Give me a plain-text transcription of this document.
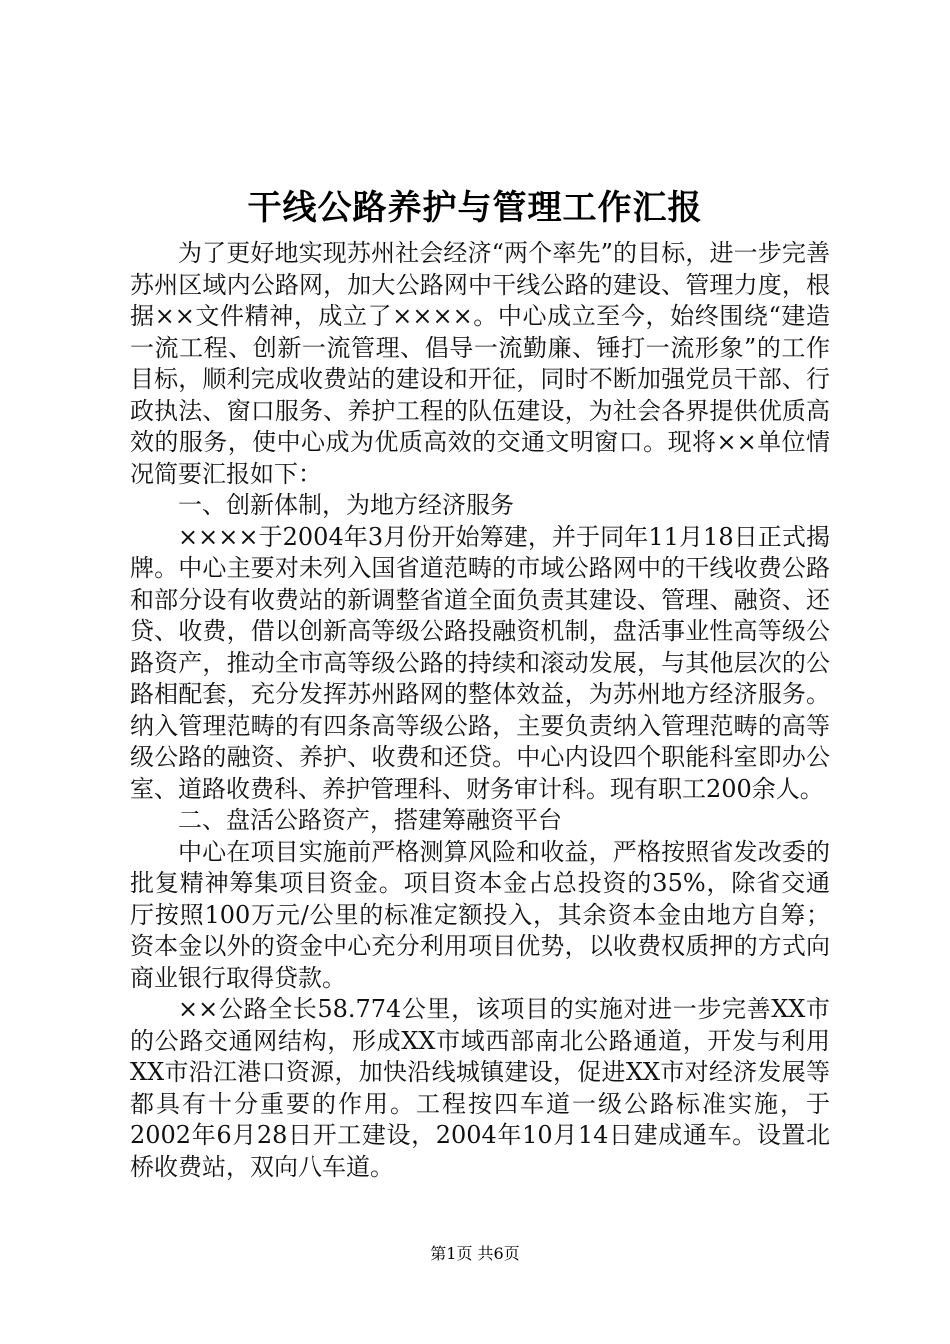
干线公路养护与管理工作汇报

为了更好地实现苏州社会经济“两个率先”的目标，进一步完善苏州区域内公路网，加大公路网中干线公路的建设、管理力度，根据××文件精神，成立了××××。中心成立至今，始终围绕“建造一流工程、创新一流管理、倡导一流勤廉、锤打一流形象”的工作目标，顺利完成收费站的建设和开征，同时不断加强党员干部、行政执法、窗口服务、养护工程的队伍建设，为社会各界提供优质高效的服务，使中心成为优质高效的交通文明窗口。现将××单位情况简要汇报如下：

一、创新体制，为地方经济服务

××××于2004年3月份开始筹建，并于同年11月18日正式揭牌。中心主要对未列入国省道范畴的市域公路网中的干线收费公路和部分设有收费站的新调整省道全面负责其建设、管理、融资、还贷、收费，借以创新高等级公路投融资机制，盘活事业性高等级公路资产，推动全市高等级公路的持续和滚动发展，与其他层次的公路相配套，充分发挥苏州路网的整体效益，为苏州地方经济服务。纳入管理范畴的有四条高等级公路，主要负责纳入管理范畴的高等级公路的融资、养护、收费和还贷。中心内设四个职能科室即办公室、道路收费科、养护管理科、财务审计科。现有职工200余人。

二、盘活公路资产，搭建筹融资平台

中心在项目实施前严格测算风险和收益，严格按照省发改委的批复精神筹集项目资金。项目资本金占总投资的35%，除省交通厅按照100万元/公里的标准定额投入，其余资本金由地方自筹；资本金以外的资金中心充分利用项目优势，以收费权质押的方式向商业银行取得贷款。

××公路全长58.774公里，该项目的实施对进一步完善XX市的公路交通网结构，形成XX市域西部南北公路通道，开发与利用XX市沿江港口资源，加快沿线城镇建设，促进XX市对经济发展等都具有十分重要的作用。工程按四车道一级公路标准实施，于2002年6月28日开工建设，2004年10月14日建成通车。设置北桥收费站，双向八车道。

第1页 共6页
